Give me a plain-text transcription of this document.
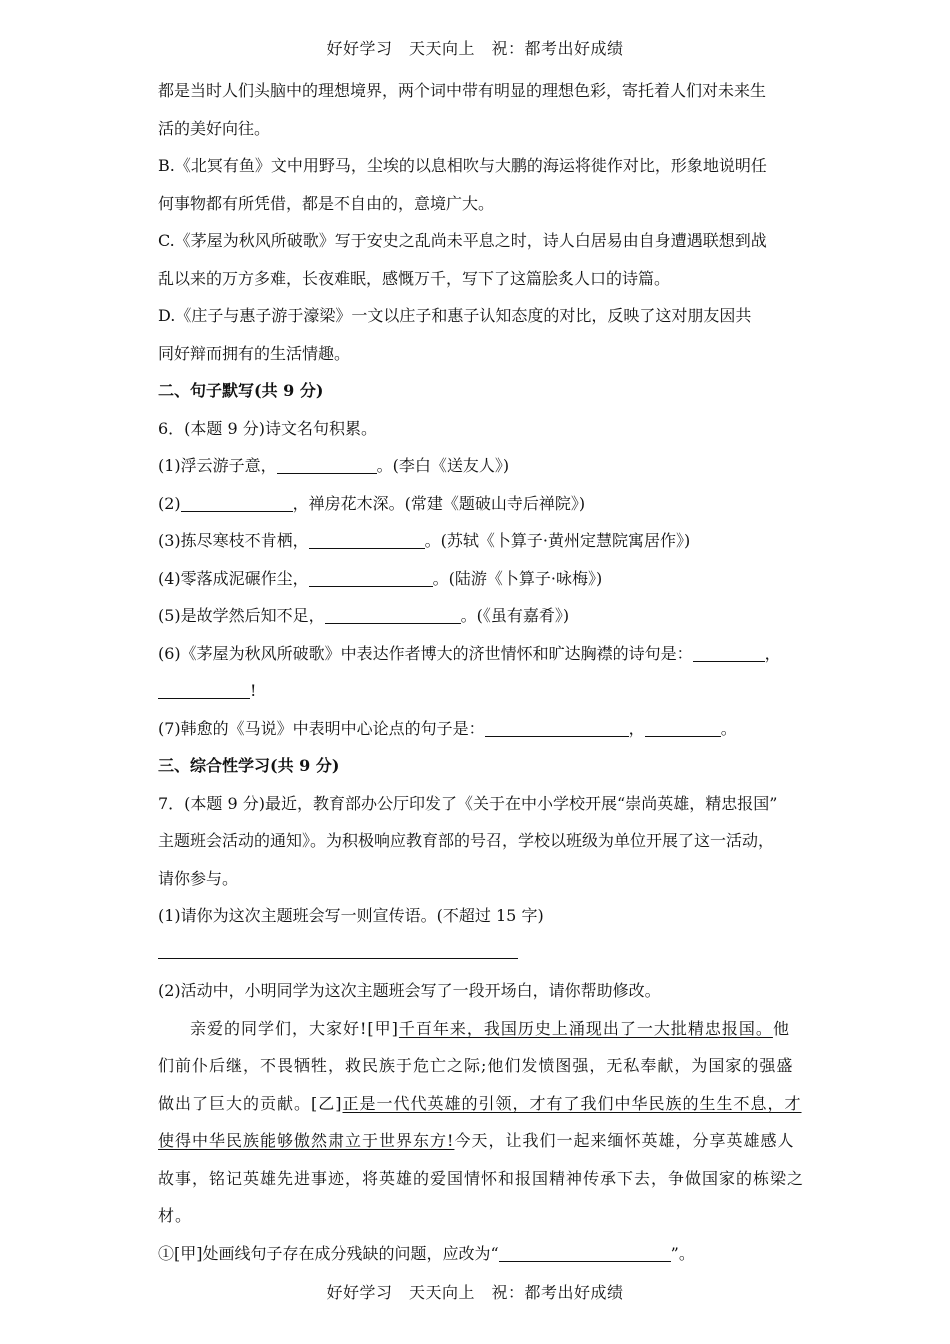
好好学习　天天向上　祝：都考出好成绩
都是当时人们头脑中的理想境界，两个词中带有明显的理想色彩，寄托着人们对未来生
活的美好向往。
B.《北冥有鱼》文中用野马，尘埃的以息相吹与大鹏的海运将徙作对比，形象地说明任
何事物都有所凭借，都是不自由的，意境广大。
C.《茅屋为秋风所破歌》写于安史之乱尚未平息之时，诗人白居易由自身遭遇联想到战
乱以来的万方多难，长夜难眠，感慨万千，写下了这篇脍炙人口的诗篇。
D.《庄子与惠子游于濠梁》一文以庄子和惠子认知态度的对比，反映了这对朋友因共
同好辩而拥有的生活情趣。
二、句子默写(共 9 分)
6．(本题 9 分)诗文名句积累。
(1)浮云游子意，	。(李白《送友人》)
(2)	，禅房花木深。(常建《题破山寺后禅院》)
(3)拣尽寒枝不肯栖，	。(苏轼《卜算子·黄州定慧院寓居作》)
(4)零落成泥碾作尘，	。(陆游《卜算子·咏梅》)
(5)是故学然后知不足，	。(《虽有嘉肴》)
(6)《茅屋为秋风所破歌》中表达作者博大的济世情怀和旷达胸襟的诗句是：	，
!
(7)韩愈的《马说》中表明中心论点的句子是：	，	。
三、综合性学习(共 9 分)
7．(本题 9 分)最近，教育部办公厅印发了《关于在中小学校开展“崇尚英雄，精忠报国”
主题班会活动的通知》。为积极响应教育部的号召，学校以班级为单位开展了这一活动，
请你参与。
(1)请你为这次主题班会写一则宣传语。(不超过 15 字)
(2)活动中，小明同学为这次主题班会写了一段开场白，请你帮助修改。
亲爱的同学们，大家好![甲]千百年来，我国历史上涌现出了一大批精忠报国。他
们前仆后继，不畏牺牲，救民族于危亡之际;他们发愤图强，无私奉献，为国家的强盛
做出了巨大的贡献。[乙]正是一代代英雄的引领，才有了我们中华民族的生生不息，才
使得中华民族能够傲然肃立于世界东方!今天，让我们一起来缅怀英雄，分享英雄感人
故事，铭记英雄先进事迹，将英雄的爱国情怀和报国精神传承下去，争做国家的栋梁之
材。
①[甲]处画线句子存在成分残缺的问题，应改为“	”。
好好学习　天天向上　祝：都考出好成绩
